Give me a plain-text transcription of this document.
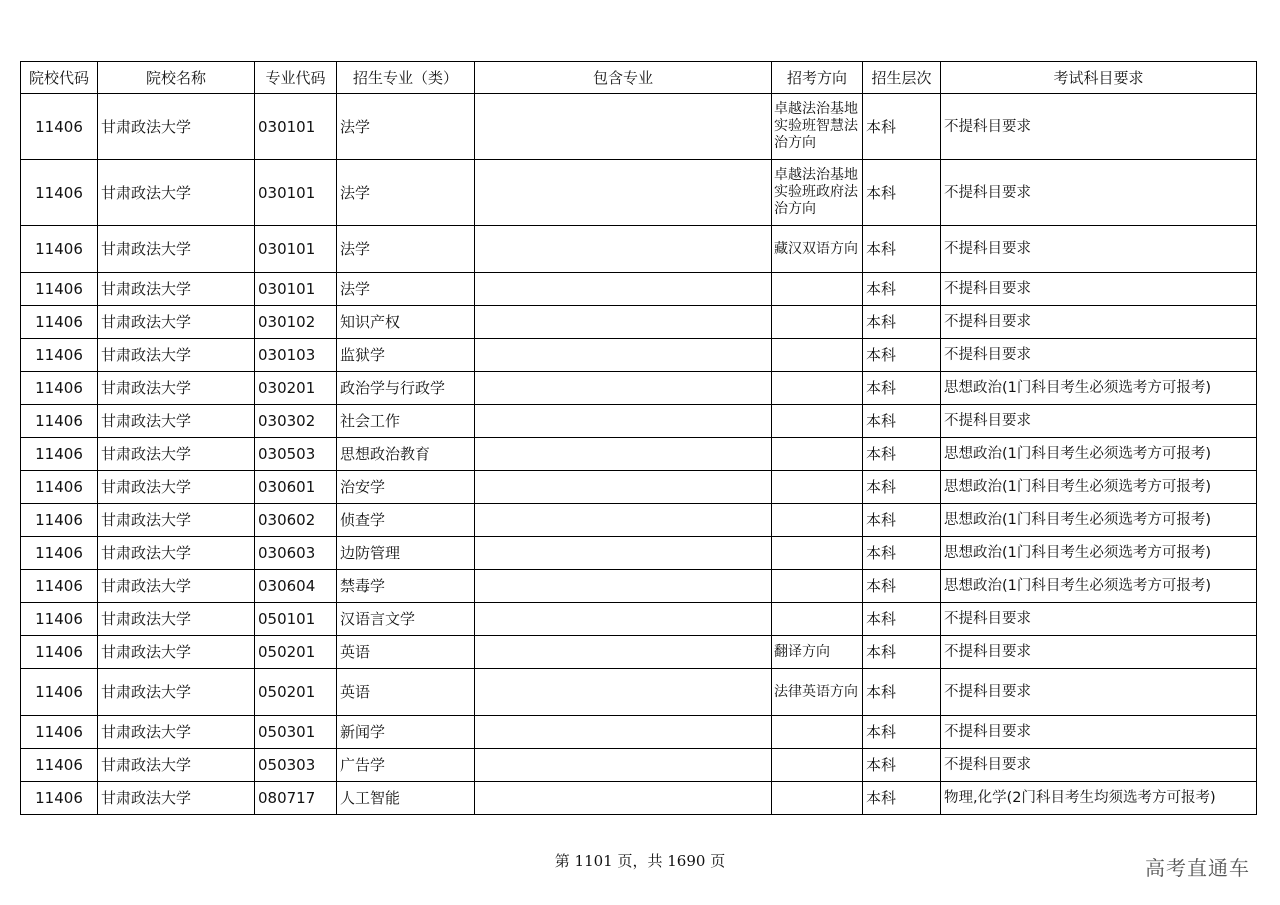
院校代码	院校名称	专业代码	招生专业（类）	包含专业	招考方向	招生层次	考试科目要求
11406	甘肃政法大学	030101	法学		卓越法治基地实验班智慧法治方向	本科	不提科目要求
11406	甘肃政法大学	030101	法学		卓越法治基地实验班政府法治方向	本科	不提科目要求
11406	甘肃政法大学	030101	法学		藏汉双语方向	本科	不提科目要求
11406	甘肃政法大学	030101	法学			本科	不提科目要求
11406	甘肃政法大学	030102	知识产权			本科	不提科目要求
11406	甘肃政法大学	030103	监狱学			本科	不提科目要求
11406	甘肃政法大学	030201	政治学与行政学			本科	思想政治(1门科目考生必须选考方可报考)
11406	甘肃政法大学	030302	社会工作			本科	不提科目要求
11406	甘肃政法大学	030503	思想政治教育			本科	思想政治(1门科目考生必须选考方可报考)
11406	甘肃政法大学	030601	治安学			本科	思想政治(1门科目考生必须选考方可报考)
11406	甘肃政法大学	030602	侦查学			本科	思想政治(1门科目考生必须选考方可报考)
11406	甘肃政法大学	030603	边防管理			本科	思想政治(1门科目考生必须选考方可报考)
11406	甘肃政法大学	030604	禁毒学			本科	思想政治(1门科目考生必须选考方可报考)
11406	甘肃政法大学	050101	汉语言文学			本科	不提科目要求
11406	甘肃政法大学	050201	英语		翻译方向	本科	不提科目要求
11406	甘肃政法大学	050201	英语		法律英语方向	本科	不提科目要求
11406	甘肃政法大学	050301	新闻学			本科	不提科目要求
11406	甘肃政法大学	050303	广告学			本科	不提科目要求
11406	甘肃政法大学	080717	人工智能			本科	物理,化学(2门科目考生均须选考方可报考)
第 1101 页，共 1690 页	高考直通车
